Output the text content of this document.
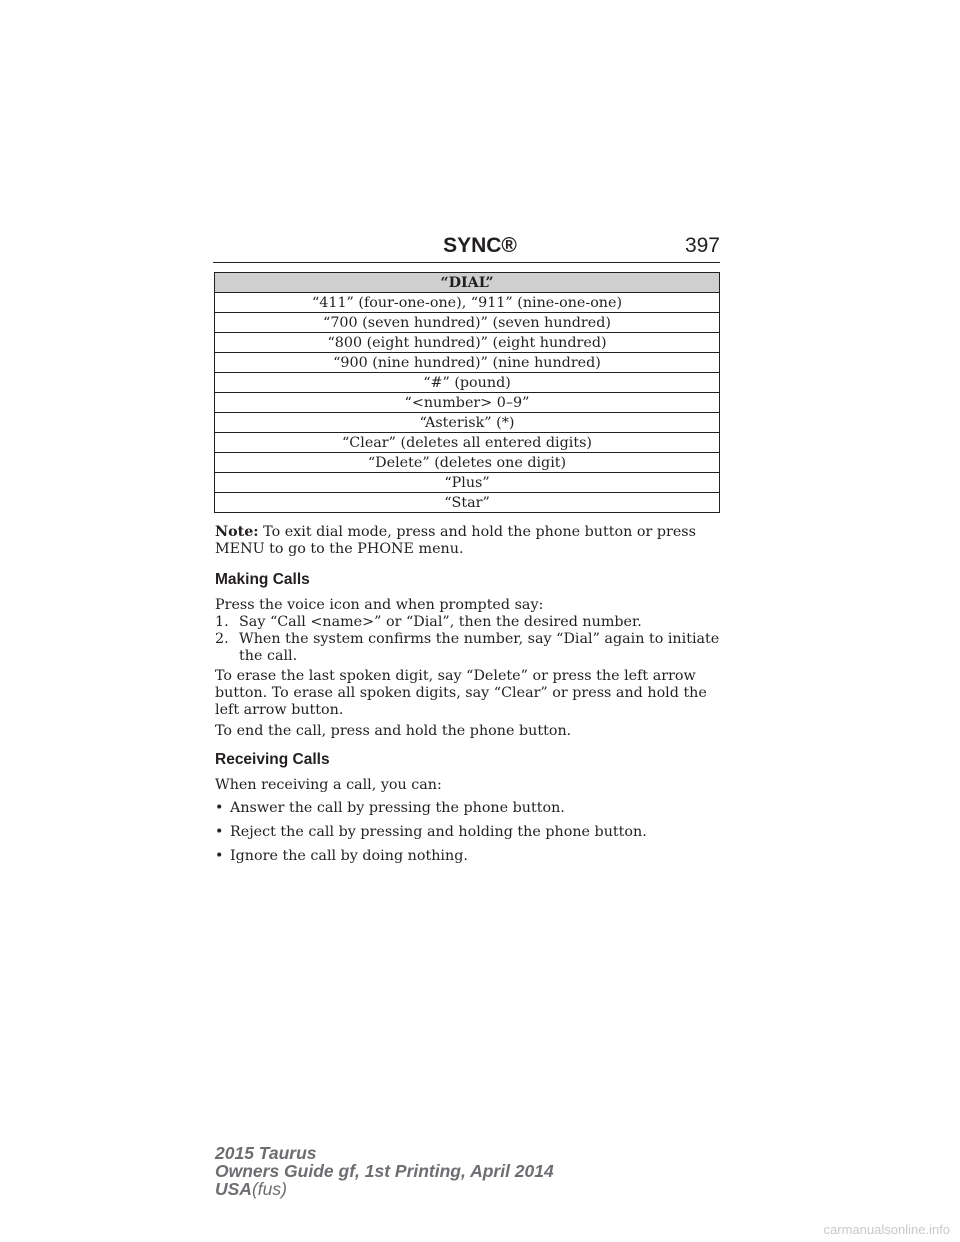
SYNC®	397
“DIAL”
“411” (four-one-one), “911” (nine-one-one)
“700 (seven hundred)” (seven hundred)
“800 (eight hundred)” (eight hundred)
“900 (nine hundred)” (nine hundred)
“#” (pound)
“<number> 0–9”
“Asterisk” (*)
“Clear” (deletes all entered digits)
“Delete” (deletes one digit)
“Plus”
“Star”

Note: To exit dial mode, press and hold the phone button or press MENU to go to the PHONE menu.

Making Calls

Press the voice icon and when prompted say:

1. Say “Call <name>” or “Dial”, then the desired number.
2. When the system confirms the number, say “Dial” again to initiate the call.
To erase the last spoken digit, say “Delete” or press the left arrow button. To erase all spoken digits, say “Clear” or press and hold the left arrow button.
To end the call, press and hold the phone button.
Receiving Calls
When receiving a call, you can:
• Answer the call by pressing the phone button.
• Reject the call by pressing and holding the phone button.
• Ignore the call by doing nothing.
2015 Taurus
Owners Guide gf, 1st Printing, April 2014
USA(fus)
carmanualsonline.info
